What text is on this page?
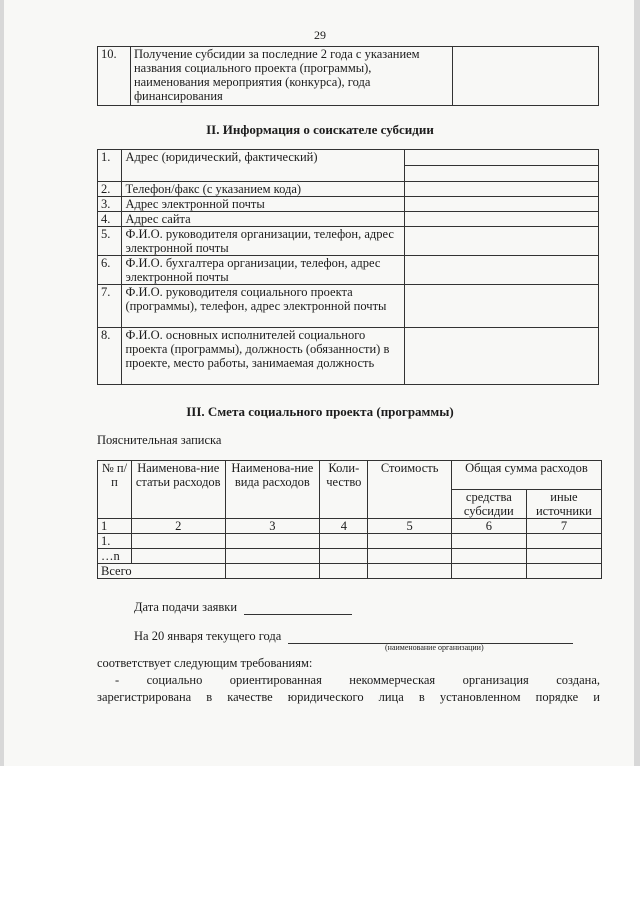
29
10.	Получение субсидии за последние 2 года с указанием названия социального проекта (программы), наименования мероприятия (конкурса), года финансирования	
II. Информация о соискателе субсидии
1.	Адрес (юридический, фактический)	

2.	Телефон/факс (с указанием кода)	
3.	Адрес электронной почты	
4.	Адрес сайта	
5.	Ф.И.О. руководителя организации, телефон, адрес электронной почты	
6.	Ф.И.О. бухгалтера организации, телефон, адрес электронной почты	
7.	Ф.И.О. руководителя социального проекта (программы), телефон, адрес электронной почты	
8.	Ф.И.О. основных исполнителей социального проекта (программы), должность (обязанности) в проекте, место работы, занимаемая должность	
III. Смета социального проекта (программы)
Пояснительная записка
№ п/п	Наименова-ние статьи расходов	Наименова-ние вида расходов	Коли-чество	Стоимость	Общая сумма расходов	
					средства субсидии	иные источники
1	2	3	4	5	6	7
1.						
…n						
Всего						
Дата подачи заявки
На 20 января текущего года
(наименование организации)
соответствует следующим требованиям:
- социально ориентированная некоммерческая организация создана,
зарегистрирована в качестве юридического лица в установленном порядке и
